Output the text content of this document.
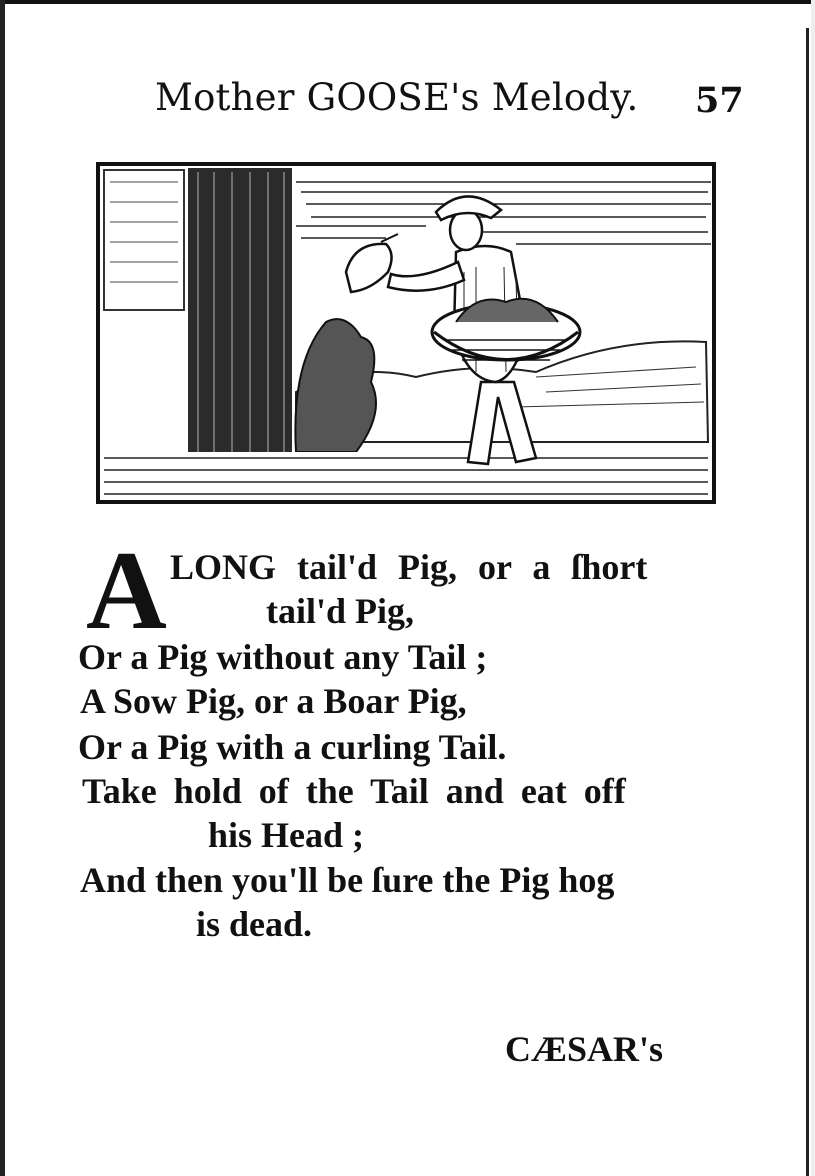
Mother GOOSE's Melody. 57
A LONG tail'd Pig, or a ſhort
tail'd Pig,
Or a Pig without any Tail ;
A Sow Pig, or a Boar Pig,
Or a Pig with a curling Tail.
Take hold of the Tail and eat off
his Head ;
And then you'll be ſure the Pig hog
is dead.
CÆSAR's
